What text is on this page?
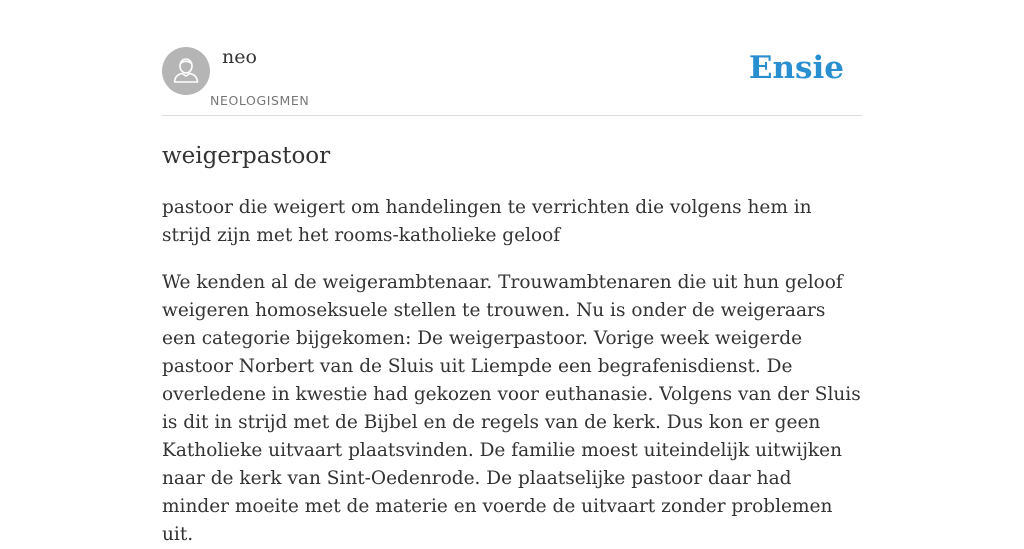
neo
NEOLOGISMEN
Ensie
weigerpastoor

pastoor die weigert om handelingen te verrichten die volgens hem in strijd zijn met het rooms-katholieke geloof

We kenden al de weigerambtenaar. Trouwambtenaren die uit hun geloof weigeren homoseksuele stellen te trouwen. Nu is onder de weigeraars een categorie bijgekomen: De weigerpastoor. Vorige week weigerde pastoor Norbert van de Sluis uit Liempde een begrafenisdienst. De overledene in kwestie had gekozen voor euthanasie. Volgens van der Sluis is dit in strijd met de Bijbel en de regels van de kerk. Dus kon er geen Katholieke uitvaart plaatsvinden. De familie moest uiteindelijk uitwijken naar de kerk van Sint-Oedenrode. De plaatselijke pastoor daar had minder moeite met de materie en voerde de uitvaart zonder problemen uit.
